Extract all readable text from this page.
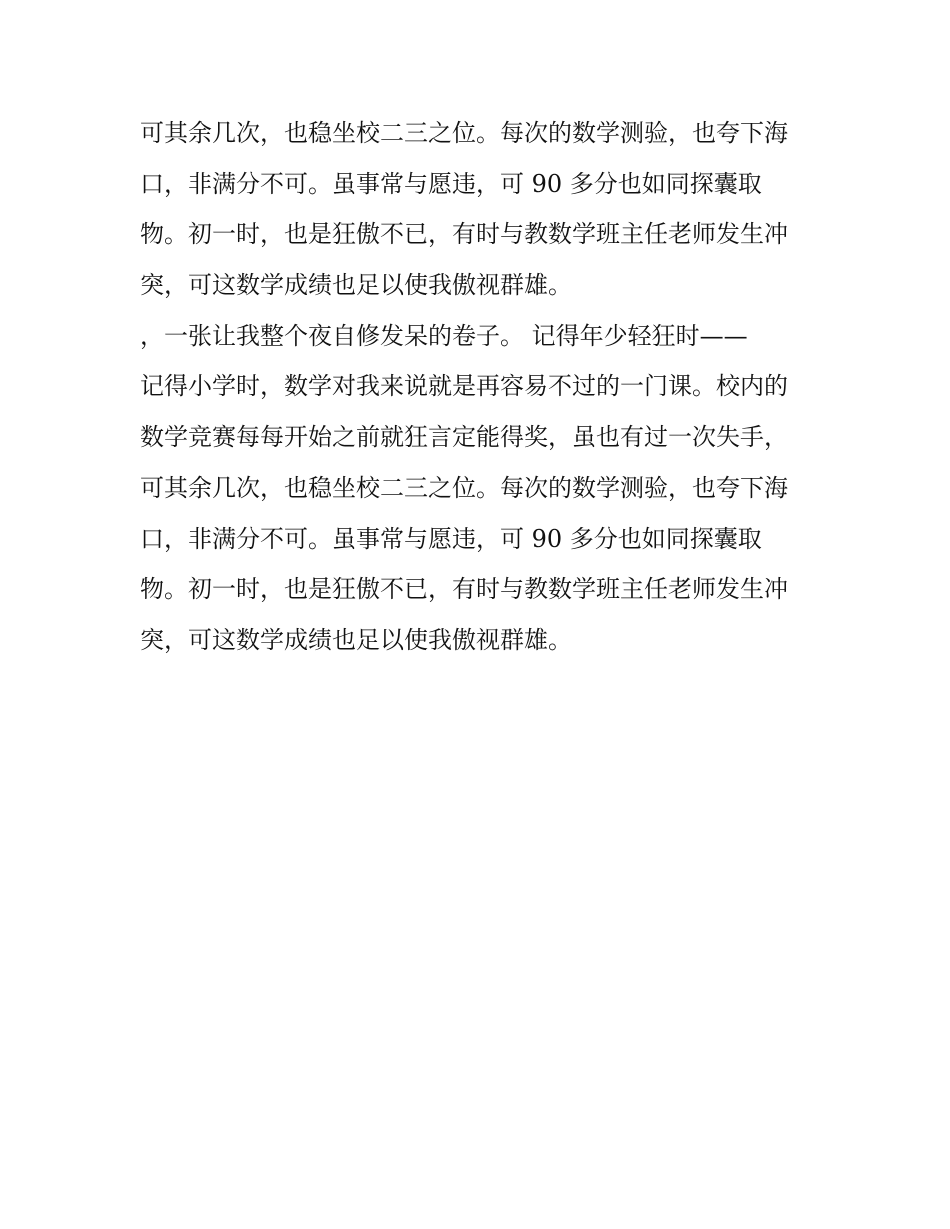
可其余几次，也稳坐校二三之位。每次的数学测验，也夸下海
口，非满分不可。虽事常与愿违，可 90 多分也如同探囊取
物。初一时，也是狂傲不已，有时与教数学班主任老师发生冲
突，可这数学成绩也足以使我傲视群雄。
，一张让我整个夜自修发呆的卷子。 记得年少轻狂时——
记得小学时，数学对我来说就是再容易不过的一门课。校内的
数学竞赛每每开始之前就狂言定能得奖，虽也有过一次失手，
可其余几次，也稳坐校二三之位。每次的数学测验，也夸下海
口，非满分不可。虽事常与愿违，可 90 多分也如同探囊取
物。初一时，也是狂傲不已，有时与教数学班主任老师发生冲
突，可这数学成绩也足以使我傲视群雄。
